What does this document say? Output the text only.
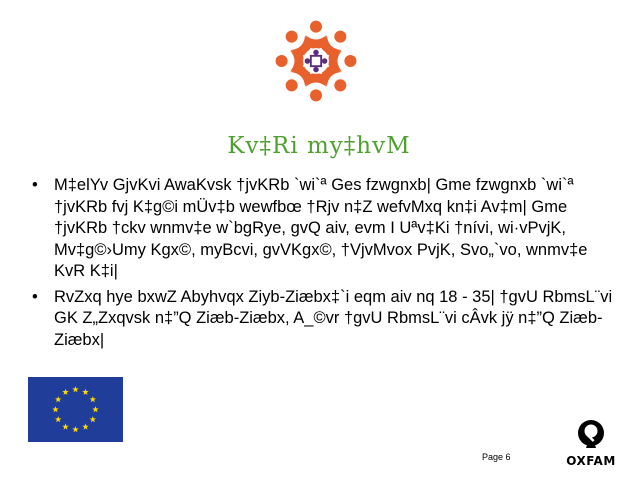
Kv‡Ri my‡hvM
• M‡elYv GjvKvi AwaKvsk †jvKRb `wi`ª Ges fzwgnxb| Gme fzwgnxb `wi`ª †jvKRb fvj K‡g©i mÜv‡b wewfbœ †Rjv n‡Z wefvMxq kn‡i Av‡m| Gme †jvKRb †ckv wnmv‡e w`bgRye, gvQ aiv, evm I Uªv‡Ki †nívi, wi·vPvjK, Mv‡g©›Umy Kgx©, myBcvi, gvVKgx©, †VjvMvox PvjK, Svo„`vo, wnmv‡e KvR K‡i|
• RvZxq hye bxwZ Abyhvqx Ziyb-Ziæbx‡`i eqm aiv nq 18 - 35| †gvU RbmsL¨vi GK Z„Zxqvsk n‡”Q Ziæb-Ziæbx, A_©vr †gvU RbmsL¨vi cÂvk jÿ n‡”Q Ziæb-Ziæbx|
Page 6	OXFAM
